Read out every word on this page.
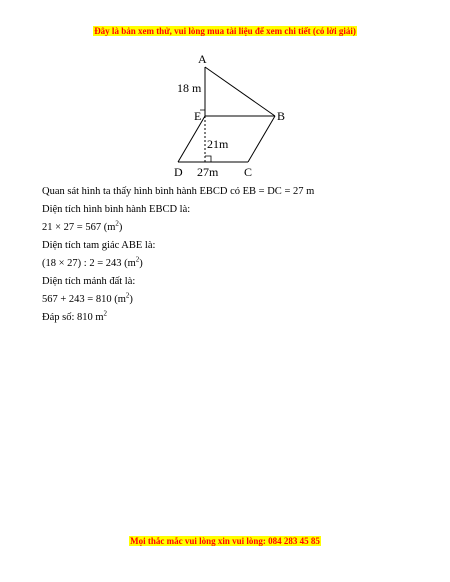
Đây là bản xem thử, vui lòng mua tài liệu để xem chi tiết (có lời giải)
A
B
E
D	C
18 m
21m
27m
Quan sát hình ta thấy hình bình hành EBCD có EB = DC = 27 m
Diện tích hình bình hành EBCD là:
21 × 27 = 567 $(m^2)$
Diện tích tam giác ABE là:
(18 × 27) : 2 = 243 $(m^2)$
Diện tích mảnh đất là:
567 + 243 = 810 $(m^2)$
Đáp số: 810 $m^2$
Mọi thắc mắc vui lòng xin vui lòng: 084 283 45 85
